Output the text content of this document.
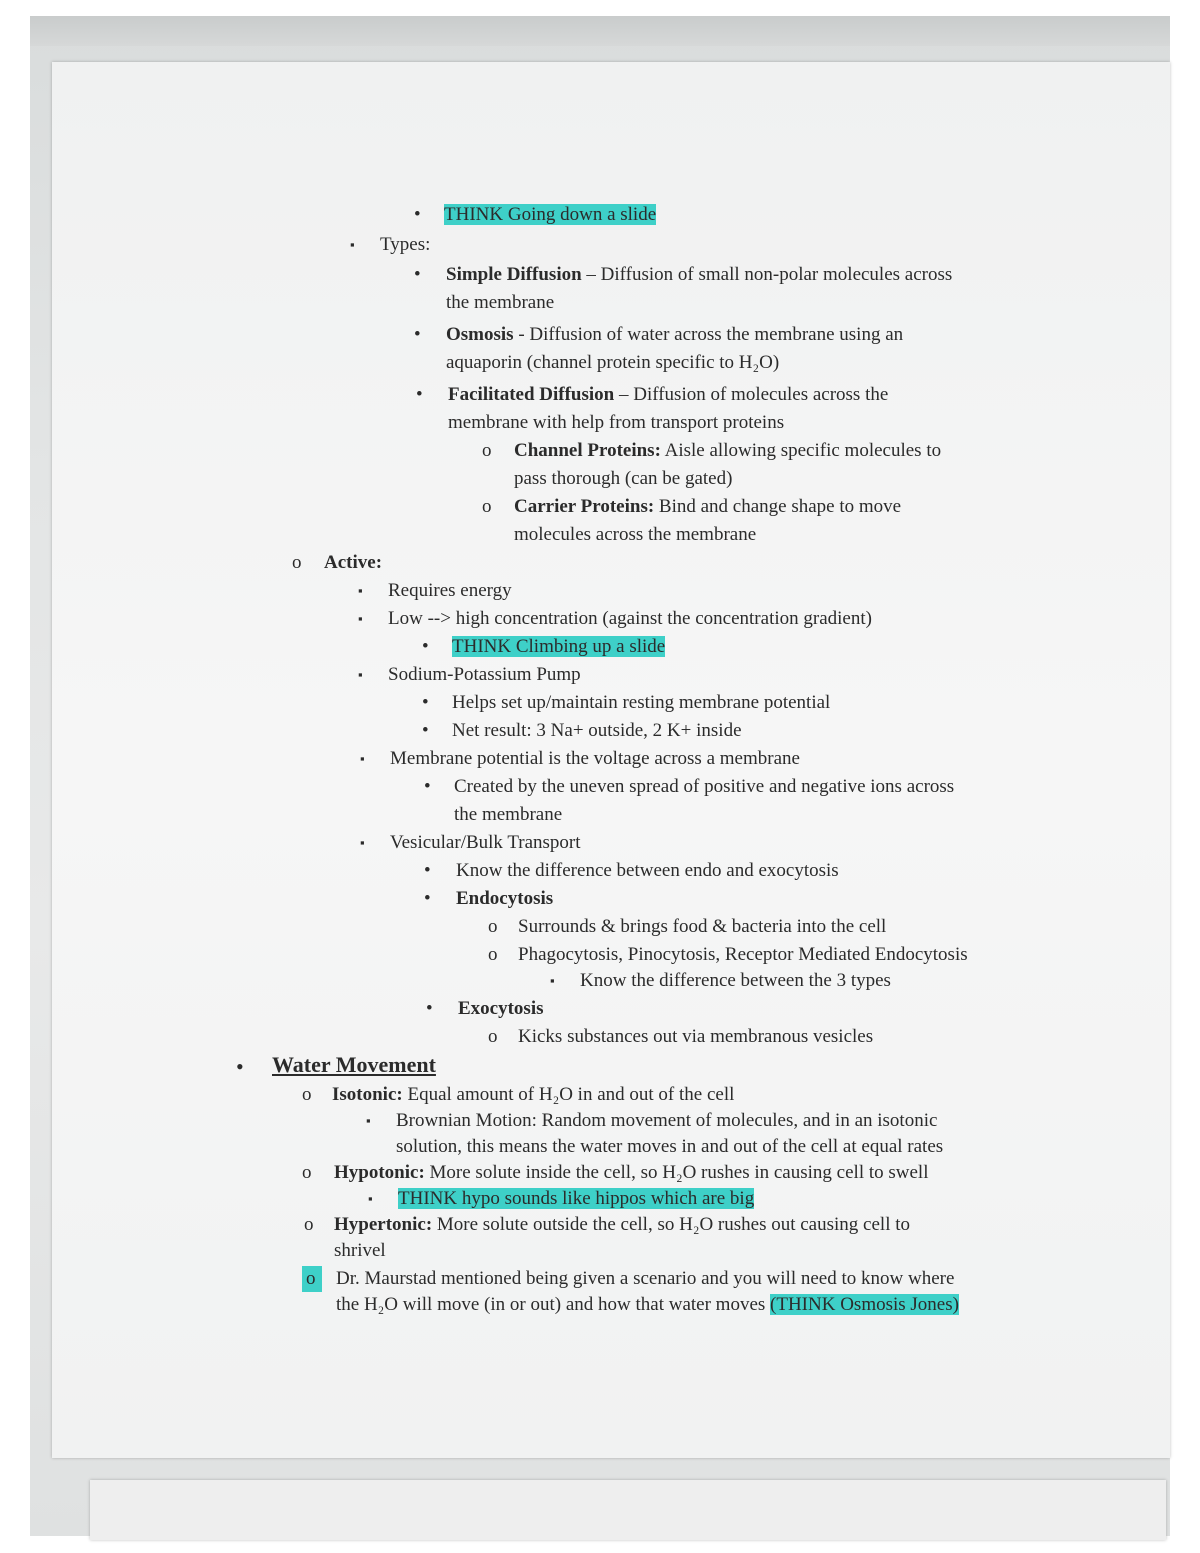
• THINK Going down a slide
▪ Types:
• Simple Diffusion – Diffusion of small non-polar molecules across
the membrane
• Osmosis - Diffusion of water across the membrane using an
aquaporin (channel protein specific to H₂O)
• Facilitated Diffusion – Diffusion of molecules across the
membrane with help from transport proteins
o Channel Proteins: Aisle allowing specific molecules to
pass thorough (can be gated)
o Carrier Proteins: Bind and change shape to move
molecules across the membrane
o Active:
▪ Requires energy
▪ Low --> high concentration (against the concentration gradient)
• THINK Climbing up a slide
▪ Sodium-Potassium Pump
• Helps set up/maintain resting membrane potential
• Net result: 3 Na+ outside, 2 K+ inside
▪ Membrane potential is the voltage across a membrane
• Created by the uneven spread of positive and negative ions across
the membrane
▪ Vesicular/Bulk Transport
• Know the difference between endo and exocytosis
• Endocytosis
o Surrounds & brings food & bacteria into the cell
o Phagocytosis, Pinocytosis, Receptor Mediated Endocytosis
▪ Know the difference between the 3 types
• Exocytosis
o Kicks substances out via membranous vesicles
• Water Movement
o Isotonic: Equal amount of H₂O in and out of the cell
▪ Brownian Motion: Random movement of molecules, and in an isotonic
solution, this means the water moves in and out of the cell at equal rates
o Hypotonic: More solute inside the cell, so H₂O rushes in causing cell to swell
▪ THINK hypo sounds like hippos which are big
o Hypertonic: More solute outside the cell, so H₂O rushes out causing cell to
shrivel
o	Dr. Maurstad mentioned being given a scenario and you will need to know where
the H₂O will move (in or out) and how that water moves (THINK Osmosis Jones)
